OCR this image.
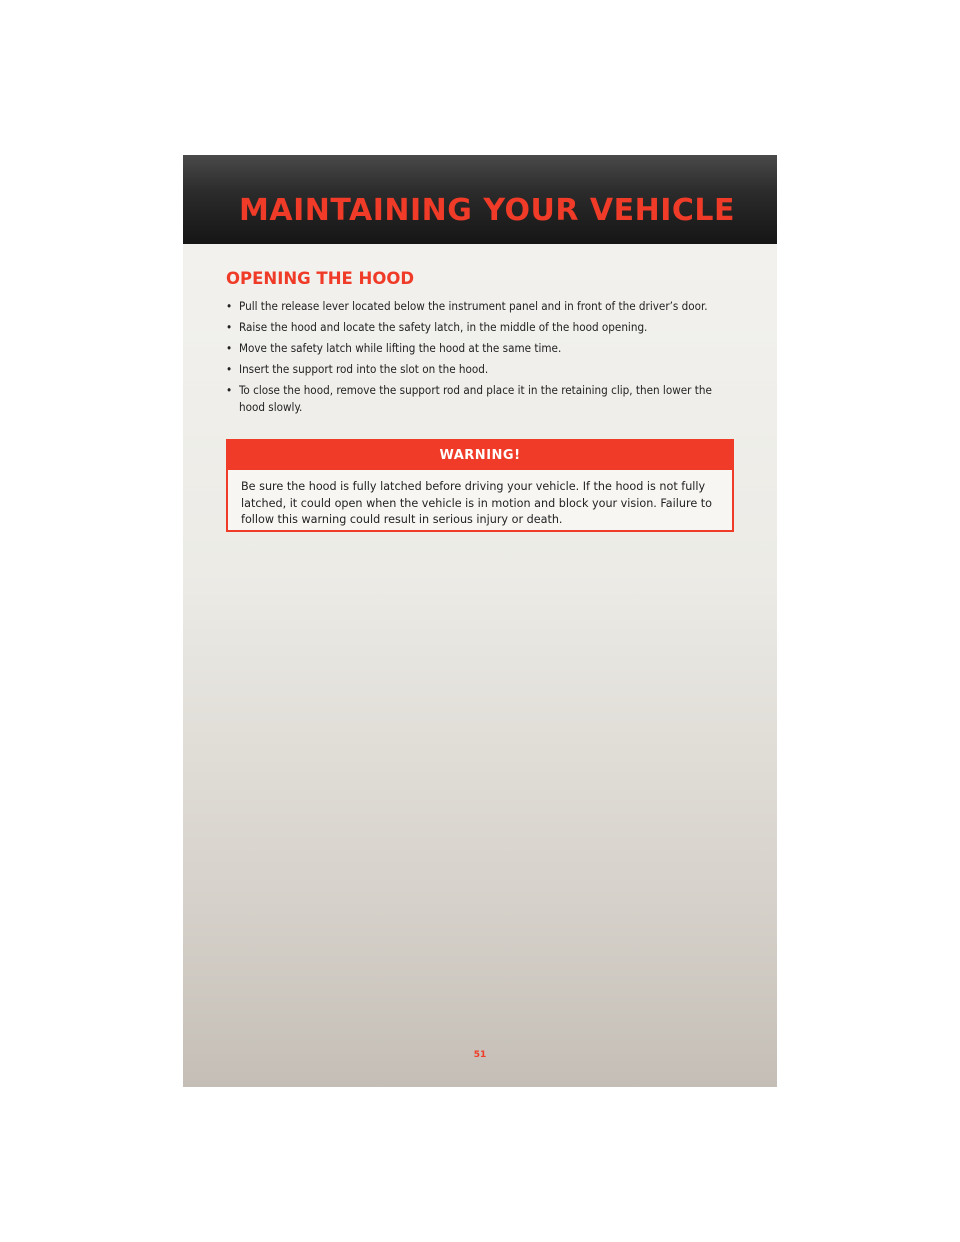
MAINTAINING YOUR VEHICLE
OPENING THE HOOD
• Pull the release lever located below the instrument panel and in front of the driver’s door.
• Raise the hood and locate the safety latch, in the middle of the hood opening.
• Move the safety latch while lifting the hood at the same time.
• Insert the support rod into the slot on the hood.
• To close the hood, remove the support rod and place it in the retaining clip, then lower the hood slowly.
WARNING!
Be sure the hood is fully latched before driving your vehicle. If the hood is not fully latched, it could open when the vehicle is in motion and block your vision. Failure to follow this warning could result in serious injury or death.
51
